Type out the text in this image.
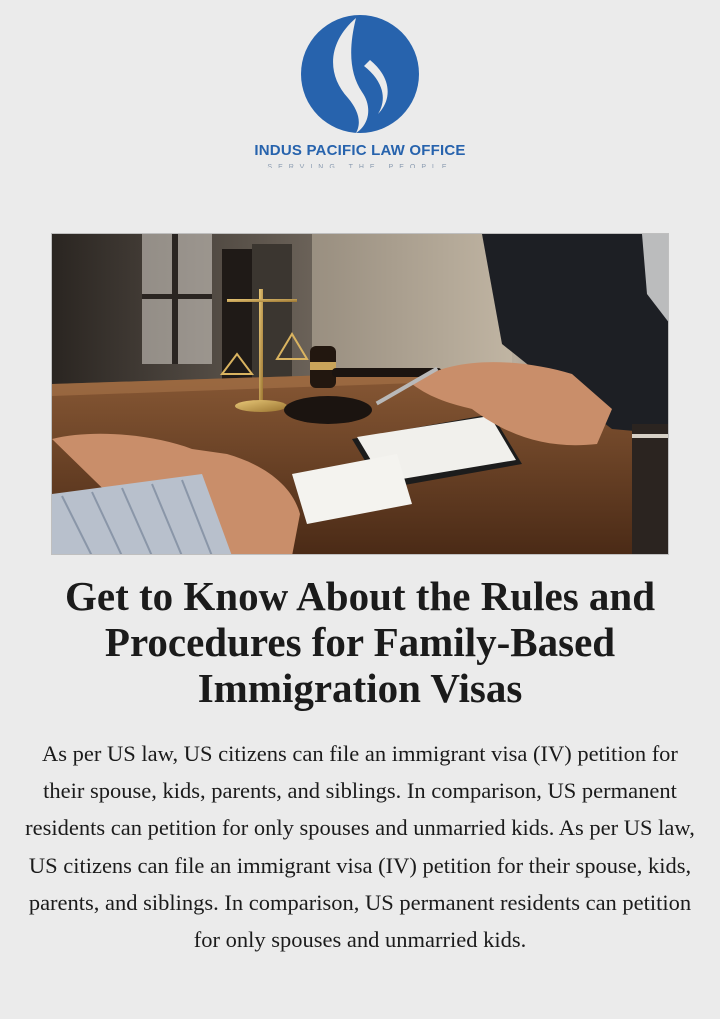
INDUS PACIFIC LAW OFFICE
SERVING THE PEOPLE
Get to Know About the Rules and Procedures for Family-Based Immigration Visas

As per US law, US citizens can file an immigrant visa (IV) petition for their spouse, kids, parents, and siblings. In comparison, US permanent residents can petition for only spouses and unmarried kids. As per US law, US citizens can file an immigrant visa (IV) petition for their spouse, kids, parents, and siblings. In comparison, US permanent residents can petition for only spouses and unmarried kids.
